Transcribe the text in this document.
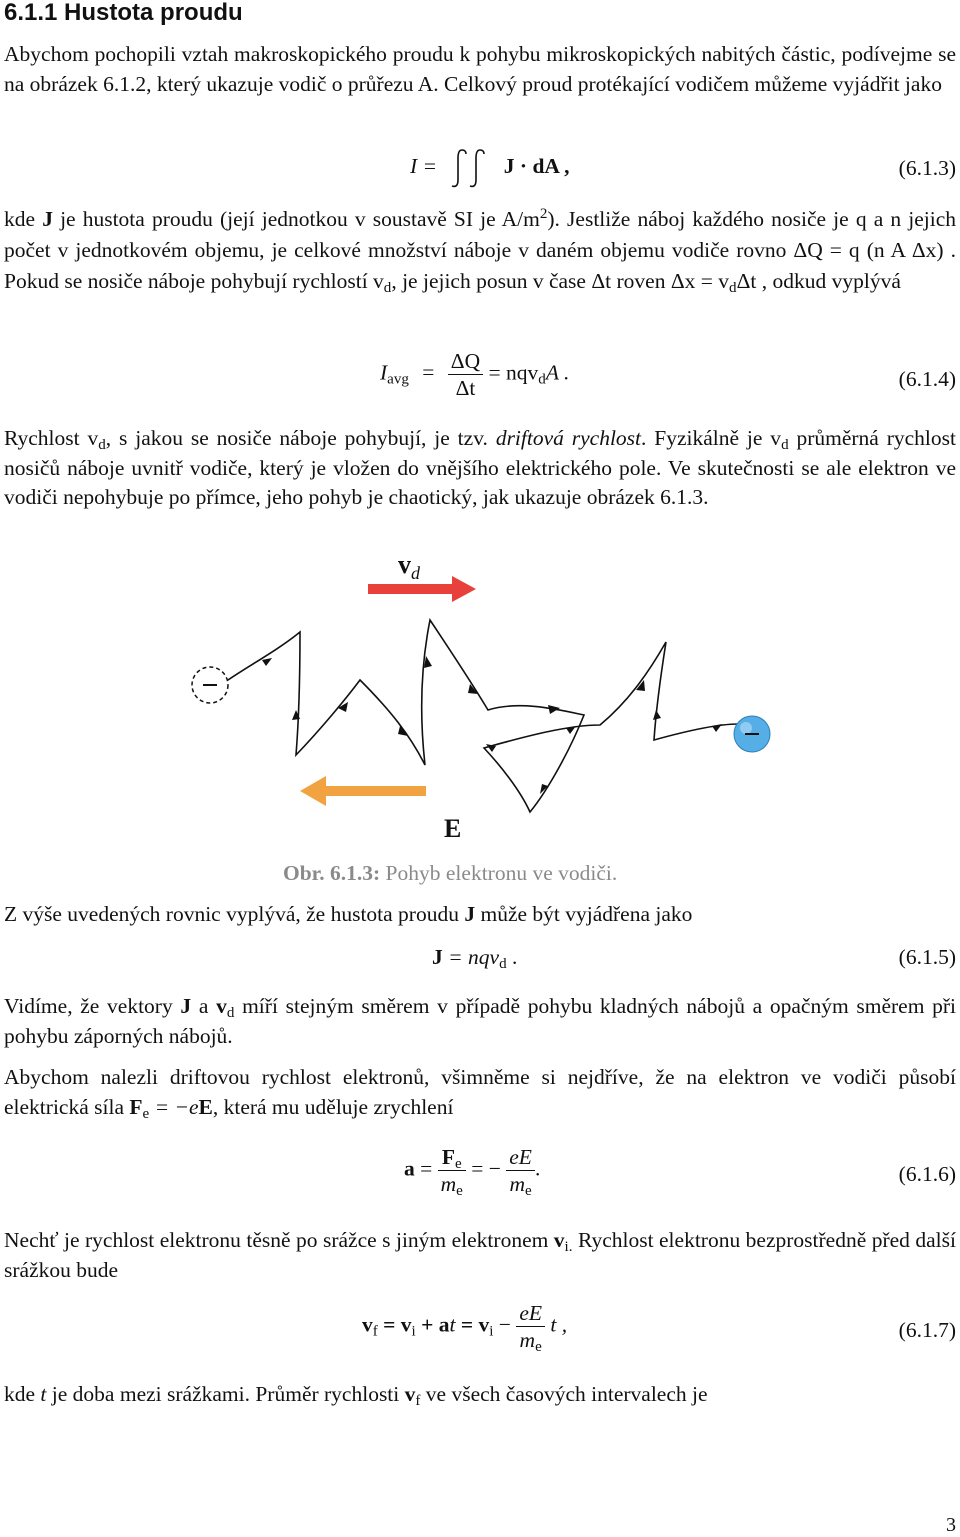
6.1.1 Hustota proudu
Abychom pochopili vztah makroskopického proudu k pohybu mikroskopických nabitých částic, podívejme se na obrázek 6.1.2, který ukazuje vodič o průřezu A. Celkový proud protékající vodičem můžeme vyjádřit jako
I =	J · dA ,	(6.1.3)
kde J je hustota proudu (její jednotkou v soustavě SI je $A/m^2$). Jestliže náboj každého nosiče je q a n jejich počet v jednotkovém objemu, je celkové množství náboje v daném objemu vodiče rovno ΔQ = q (n A Δx) . Pokud se nosiče náboje pohybují rychlostí $v_d$, je jejich posun v čase Δt roven $\Delta x = v_d\Delta t$ , odkud vyplývá
$I_{avg} = \frac{\Delta Q}{\Delta t} = nqv_dA$ .	(6.1.4)
Rychlost $v_d$, s jakou se nosiče náboje pohybují, je tzv. driftová rychlost. Fyzikálně je $v_d$ průměrná rychlost nosičů náboje uvnitř vodiče, který je vložen do vnějšího elektrického pole. Ve skutečnosti se ale elektron ve vodiči nepohybuje po přímce, jeho pohyb je chaotický, jak ukazuje obrázek 6.1.3.
$v_d$
E
Obr. 6.1.3: Pohyb elektronu ve vodiči.
Z výše uvedených rovnic vyplývá, že hustota proudu J může být vyjádřena jako
J = nqv$_d$ .	(6.1.5)
Vidíme, že vektory J a $v_d$ míří stejným směrem v případě pohybu kladných nábojů a opačným směrem při pohybu záporných nábojů.
Abychom nalezli driftovou rychlost elektronů, všimněme si nejdříve, že na elektron ve vodiči působí elektrická síla $F_e = -eE$, která mu uděluje zrychlení
$a = \frac{F_e}{m_e}$ = − $\frac{eE}{m_e}$ .	(6.1.6)
Nechť je rychlost elektronu těsně po srážce s jiným elektronem $v_{i.}$ Rychlost elektronu bezprostředně před další srážkou bude
$v_f = v_i$ + at = $v_i - \frac{eE}{m_e}$ t ,	(6.1.7)
kde t je doba mezi srážkami. Průměr rychlosti $v_f$ ve všech časových intervalech je
3
